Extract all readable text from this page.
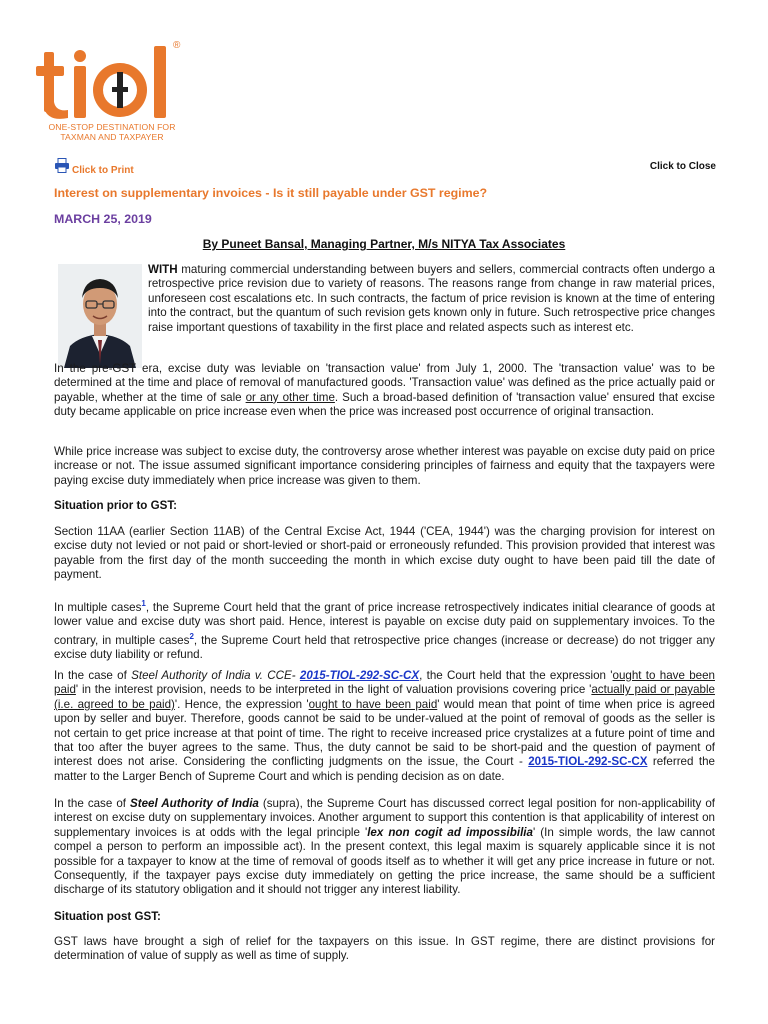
®
ONE-STOP DESTINATION FOR
TAXMAN AND TAXPAYER
Click to Print	Click to Close
Interest on supplementary invoices - Is it still payable under GST regime?
MARCH 25, 2019
By Puneet Bansal, Managing Partner, M/s NITYA Tax Associates
WITH maturing commercial understanding between buyers and sellers, commercial contracts often undergo a retrospective price revision due to variety of reasons. The reasons range from change in raw material prices, unforeseen cost escalations etc. In such contracts, the factum of price revision is known at the time of entering into the contract, but the quantum of such revision gets known only in future. Such retrospective price changes raise important questions of taxability in the first place and related aspects such as interest etc.
In the pre-GST era, excise duty was leviable on 'transaction value' from July 1, 2000. The 'transaction value' was to be determined at the time and place of removal of manufactured goods. 'Transaction value' was defined as the price actually paid or payable, whether at the time of sale or any other time. Such a broad-based definition of 'transaction value' ensured that excise duty became applicable on price increase even when the price was increased post occurrence of original transaction.
While price increase was subject to excise duty, the controversy arose whether interest was payable on excise duty paid on price increase or not. The issue assumed significant importance considering principles of fairness and equity that the taxpayers were paying excise duty immediately when price increase was given to them.
Situation prior to GST:
Section 11AA (earlier Section 11AB) of the Central Excise Act, 1944 ('CEA, 1944') was the charging provision for interest on excise duty not levied or not paid or short-levied or short-paid or erroneously refunded. This provision provided that interest was payable from the first day of the month succeeding the month in which excise duty ought to have been paid till the date of payment.
In multiple cases$^1$, the Supreme Court held that the grant of price increase retrospectively indicates initial clearance of goods at lower value and excise duty was short paid. Hence, interest is payable on excise duty paid on supplementary invoices. To the contrary, in multiple cases$^2$, the Supreme Court held that retrospective price changes (increase or decrease) do not trigger any excise duty liability or refund.
In the case of Steel Authority of India v. CCE- 2015-TIOL-292-SC-CX, the Court held that the expression 'ought to have been paid' in the interest provision, needs to be interpreted in the light of valuation provisions covering price 'actually paid or payable (i.e. agreed to be paid)'. Hence, the expression 'ought to have been paid' would mean that point of time when price is agreed upon by seller and buyer. Therefore, goods cannot be said to be under-valued at the point of removal of goods as the seller is not certain to get price increase at that point of time. The right to receive increased price crystalizes at a future point of time and that too after the buyer agrees to the same. Thus, the duty cannot be said to be short-paid and the question of payment of interest does not arise. Considering the conflicting judgments on the issue, the Court - 2015-TIOL-292-SC-CX referred the matter to the Larger Bench of Supreme Court and which is pending decision as on date.
In the case of Steel Authority of India (supra), the Supreme Court has discussed correct legal position for non-applicability of interest on excise duty on supplementary invoices. Another argument to support this contention is that applicability of interest on supplementary invoices is at odds with the legal principle 'lex non cogit ad impossibilia' (In simple words, the law cannot compel a person to perform an impossible act). In the present context, this legal maxim is squarely applicable since it is not possible for a taxpayer to know at the time of removal of goods itself as to whether it will get any price increase in future or not. Consequently, if the taxpayer pays excise duty immediately on getting the price increase, the same should be a sufficient discharge of its statutory obligation and it should not trigger any interest liability.
Situation post GST:
GST laws have brought a sigh of relief for the taxpayers on this issue. In GST regime, there are distinct provisions for determination of value of supply as well as time of supply.
